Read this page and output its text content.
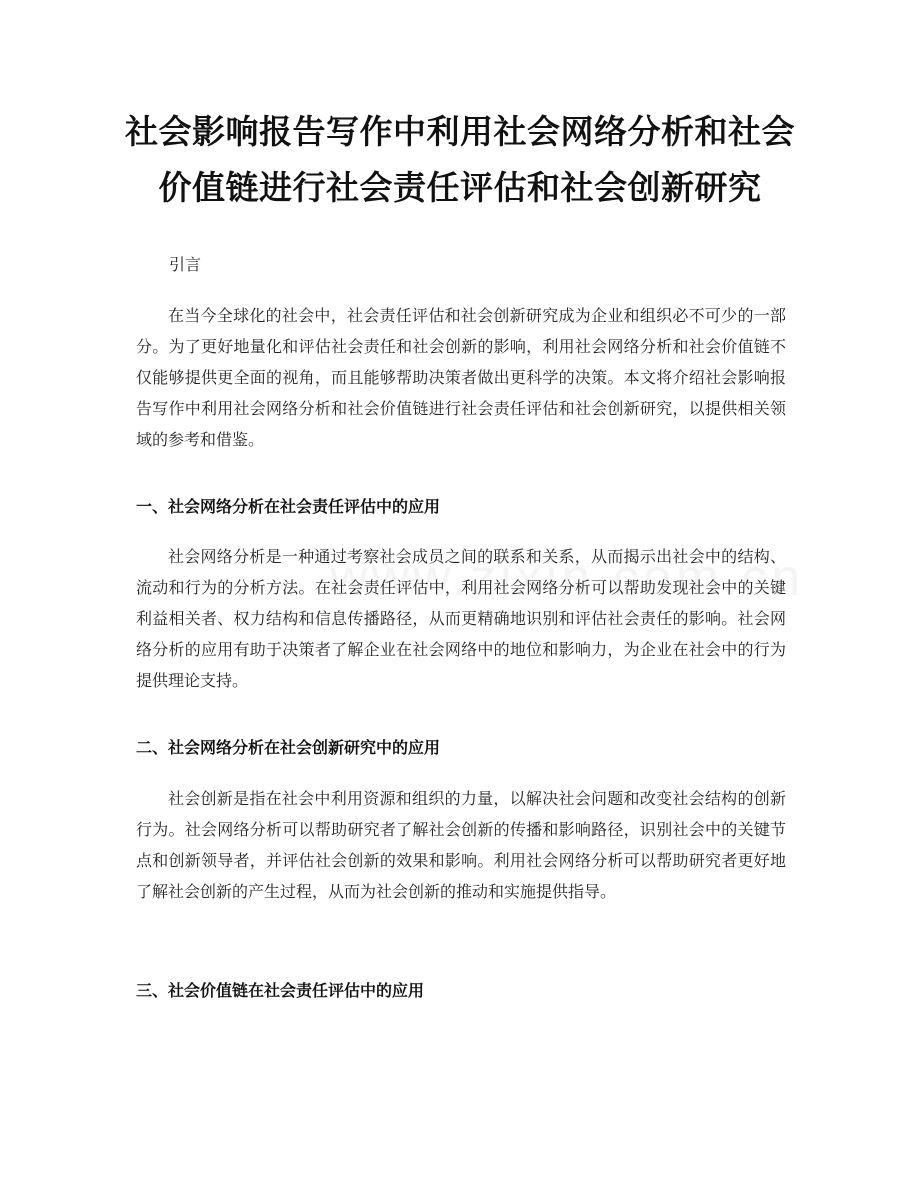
社会影响报告写作中利用社会网络分析和社会价值链进行社会责任评估和社会创新研究
引言

在当今全球化的社会中，社会责任评估和社会创新研究成为企业和组织必不可少的一部分。为了更好地量化和评估社会责任和社会创新的影响，利用社会网络分析和社会价值链不仅能够提供更全面的视角，而且能够帮助决策者做出更科学的决策。本文将介绍社会影响报告写作中利用社会网络分析和社会价值链进行社会责任评估和社会创新研究，以提供相关领域的参考和借鉴。

一、社会网络分析在社会责任评估中的应用

社会网络分析是一种通过考察社会成员之间的联系和关系，从而揭示出社会中的结构、流动和行为的分析方法。在社会责任评估中，利用社会网络分析可以帮助发现社会中的关键利益相关者、权力结构和信息传播路径，从而更精确地识别和评估社会责任的影响。社会网络分析的应用有助于决策者了解企业在社会网络中的地位和影响力，为企业在社会中的行为提供理论支持。

二、社会网络分析在社会创新研究中的应用

社会创新是指在社会中利用资源和组织的力量，以解决社会问题和改变社会结构的创新行为。社会网络分析可以帮助研究者了解社会创新的传播和影响路径，识别社会中的关键节点和创新领导者，并评估社会创新的效果和影响。利用社会网络分析可以帮助研究者更好地了解社会创新的产生过程，从而为社会创新的推动和实施提供指导。

三、社会价值链在社会责任评估中的应用
